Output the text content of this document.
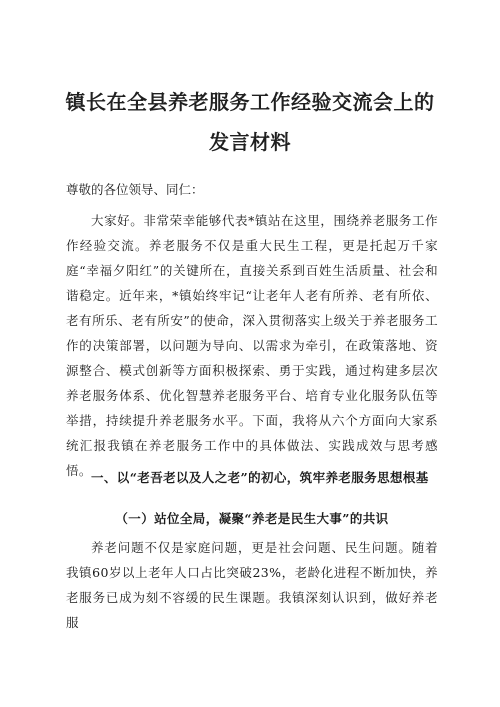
镇长在全县养老服务工作经验交流会上的
发言材料

尊敬的各位领导、同仁：

大家好。非常荣幸能够代表*镇站在这里，围绕养老服务工作作经验交流。养老服务不仅是重大民生工程，更是托起万千家庭“幸福夕阳红”的关键所在，直接关系到百姓生活质量、社会和谐稳定。近年来，*镇始终牢记“让老年人老有所养、老有所依、老有所乐、老有所安”的使命，深入贯彻落实上级关于养老服务工作的决策部署，以问题为导向、以需求为牵引，在政策落地、资源整合、模式创新等方面积极探索、勇于实践，通过构建多层次养老服务体系、优化智慧养老服务平台、培育专业化服务队伍等举措，持续提升养老服务水平。下面，我将从六个方面向大家系统汇报我镇在养老服务工作中的具体做法、实践成效与思考感悟。 一、以“老吾老以及人之老”的初心，筑牢养老服务思想根基

（一）站位全局，凝聚“养老是民生大事”的共识

养老问题不仅是家庭问题，更是社会问题、民生问题。随着我镇60岁以上老年人口占比突破23%，老龄化进程不断加快，养老服务已成为刻不容缓的民生课题。我镇深刻认识到，做好养老服
